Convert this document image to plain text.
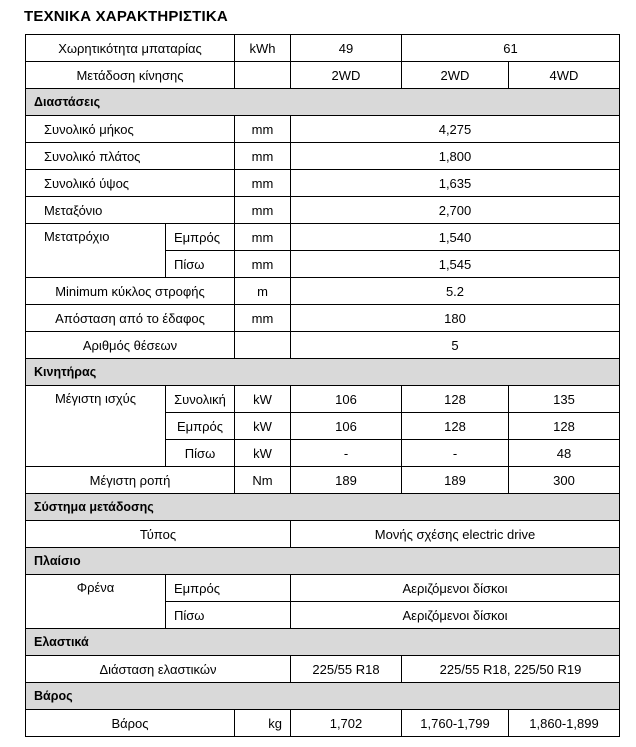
ΤΕΧΝΙΚΑ ΧΑΡΑΚΤΗΡΙΣΤΙΚΑ
Χωρητικότητα μπαταρίας		kWh	49	61	
Μετάδοση κίνησης			2WD	2WD	4WD
Διαστάσεις					
Συνολικό μήκος		mm	4,275		
Συνολικό πλάτος		mm	1,800		
Συνολικό ύψος		mm	1,635		
Μεταξόνιο		mm	2,700		
Μετατρόχιο	Εμπρός	mm	1,540		
	Πίσω	mm	1,545		
Minimum κύκλος στροφής		m	5.2		
Απόσταση από το έδαφος		mm	180		
Αριθμός θέσεων			5		
Κινητήρας					
Μέγιστη ισχύς	Συνολική	kW	106	128	135
	Εμπρός	kW	106	128	128
	Πίσω	kW	-	-	48
Μέγιστη ροπή		Nm	189	189	300
Σύστημα μετάδοσης					
Τύπος			Μονής σχέσης electric drive		
Πλαίσιο					
Φρένα	Εμπρός		Αεριζόμενοι δίσκοι		
	Πίσω		Αεριζόμενοι δίσκοι		
Ελαστικά					
Διάσταση ελαστικών			225/55 R18	225/55 R18, 225/50 R19	
Βάρος					
Βάρος		kg	1,702	1,760-1,799	1,860-1,899
